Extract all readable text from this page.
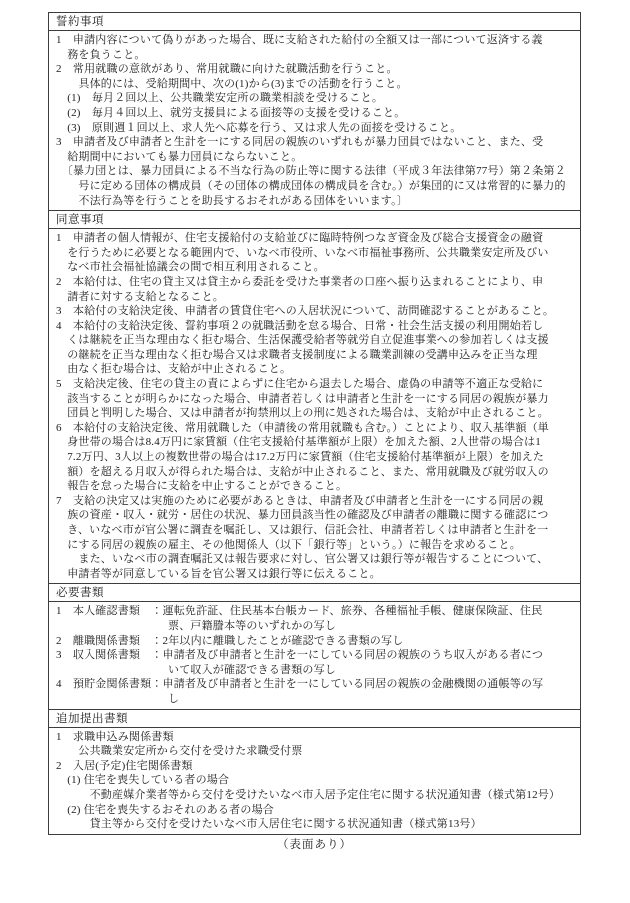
誓約事項
1　申請内容について偽りがあった場合、既に支給された給付の全額又は一部について返済する義
　務を負うこと。
2　常用就職の意欲があり、常用就職に向けた就職活動を行うこと。
　　具体的には、受給期間中、次の(1)から(3)までの活動を行うこと。
　(1)　毎月２回以上、公共職業安定所の職業相談を受けること。
　(2)　毎月４回以上、就労支援員による面接等の支援を受けること。
　(3)　原則週１回以上、求人先へ応募を行う、又は求人先の面接を受けること。
3　申請者及び申請者と生計を一にする同居の親族のいずれもが暴力団員ではないこと、また、受
　給期間中においても暴力団員にならないこと。
　〔暴力団とは、暴力団員による不当な行為の防止等に関する法律（平成３年法律第77号）第２条第２
　　号に定める団体の構成員（その団体の構成団体の構成員を含む。）が集団的に又は常習的に暴力的
　　不法行為等を行うことを助長するおそれがある団体をいいます。〕
同意事項
1　申請者の個人情報が、住宅支援給付の支給並びに臨時特例つなぎ資金及び総合支援資金の融資
　を行うために必要となる範囲内で、いなべ市役所、いなべ市福祉事務所、公共職業安定所及びい
　なべ市社会福祉協議会の間で相互利用されること。
2　本給付は、住宅の貸主又は貸主から委託を受けた事業者の口座へ振り込まれることにより、申
　請者に対する支給となること。
3　本給付の支給決定後、申請者の賃貸住宅への入居状況について、訪問確認することがあること。
4　本給付の支給決定後、誓約事項２の就職活動を怠る場合、日常・社会生活支援の利用開始若し
　くは継続を正当な理由なく拒む場合、生活保護受給者等就労自立促進事業への参加若しくは支援
　の継続を正当な理由なく拒む場合又は求職者支援制度による職業訓練の受講申込みを正当な理
　由なく拒む場合は、支給が中止されること。
5　支給決定後、住宅の貸主の責によらずに住宅から退去した場合、虚偽の申請等不適正な受給に
　該当することが明らかになった場合、申請者若しくは申請者と生計を一にする同居の親族が暴力
　団員と判明した場合、又は申請者が拘禁刑以上の刑に処された場合は、支給が中止されること。
6　本給付の支給決定後、常用就職した（申請後の常用就職も含む。）ことにより、収入基準額（単
　身世帯の場合は8.4万円に家賃額（住宅支援給付基準額が上限）を加えた額、2人世帯の場合は1
　7.2万円、3人以上の複数世帯の場合は17.2万円に家賃額（住宅支援給付基準額が上限）を加えた
　額）を超える月収入が得られた場合は、支給が中止されること、また、常用就職及び就労収入の
　報告を怠った場合に支給を中止することができること。
7　支給の決定又は実施のために必要があるときは、申請者及び申請者と生計を一にする同居の親
　族の資産・収入・就労・居住の状況、暴力団員該当性の確認及び申請者の離職に関する確認につ
　き、いなべ市が官公署に調査を嘱託し、又は銀行、信託会社、申請者若しくは申請者と生計を一
　にする同居の親族の雇主、その他関係人（以下「銀行等」という。）に報告を求めること。
　　また、いなべ市の調査嘱託又は報告要求に対し、官公署又は銀行等が報告することについて、
　申請者等が同意している旨を官公署又は銀行等に伝えること。
必要書類
1　本人確認書類　：運転免許証、住民基本台帳カード、旅券、各種福祉手帳、健康保険証、住民
　　　　　　　　　　票、戸籍謄本等のいずれかの写し
2　離職関係書類　：2年以内に離職したことが確認できる書類の写し
3　収入関係書類　：申請者及び申請者と生計を一にしている同居の親族のうち収入がある者につ
　　　　　　　　　　いて収入が確認できる書類の写し
4　預貯金関係書類：申請者及び申請者と生計を一にしている同居の親族の金融機関の通帳等の写
　　　　　　　　　　し
追加提出書類
1　求職申込み関係書類
　　公共職業安定所から交付を受けた求職受付票
2　入居(予定)住宅関係書類
　(1) 住宅を喪失している者の場合
　　　不動産媒介業者等から交付を受けたいなべ市入居予定住宅に関する状況通知書（様式第12号）
　(2) 住宅を喪失するおそれのある者の場合
　　　貸主等から交付を受けたいなべ市入居住宅に関する状況通知書（様式第13号）
（表面あり）
